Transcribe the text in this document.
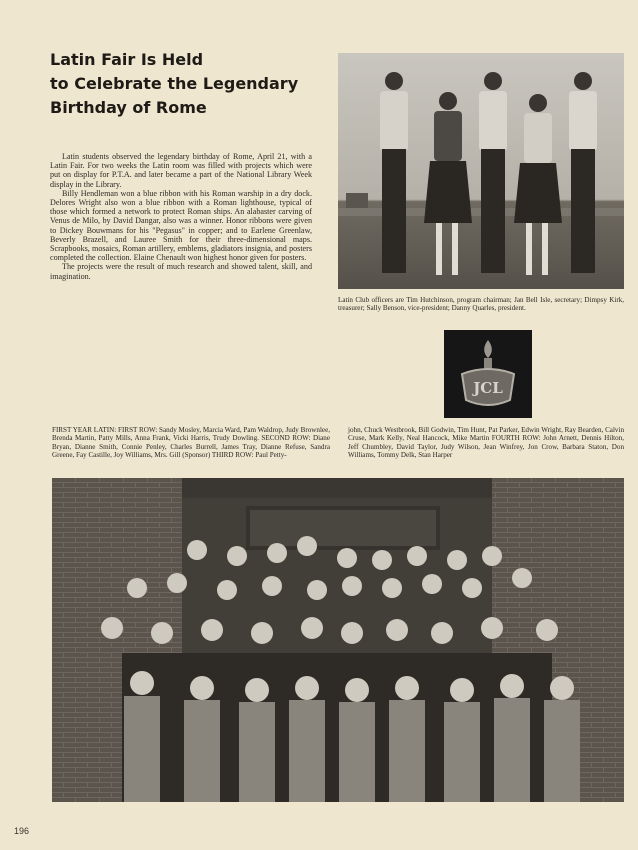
Latin Fair Is Held
to Celebrate the Legendary
Birthday of Rome

Latin students observed the legendary birthday of Rome, April 21, with a Latin Fair. For two weeks the Latin room was filled with projects which were put on display for P.T.A. and later became a part of the National Library Week display in the Library.

Billy Hendleman won a blue ribbon with his Roman warship in a dry dock. Delores Wright also won a blue ribbon with a Roman lighthouse, typical of those which formed a network to protect Roman ships. An alabaster carving of Venus de Milo, by David Dangar, also was a winner. Honor ribbons were given to Dickey Bouwmans for his "Pegasus" in copper; and to Earlene Greenlaw, Beverly Brazell, and Lauree Smith for their three-dimensional maps. Scrapbooks, mosaics, Roman artillery, emblems, gladiators insignia, and posters completed the collection. Elaine Chenault won highest honor given for posters.

The projects were the result of much research and showed talent, skill, and imagination.

Latin Club officers are Tim Hutchinson, program chairman; Jan Bell Isle, secretary; Dimpsy Kirk, treasurer; Sally Benson, vice-president; Danny Quarles, president.
JCL
FIRST YEAR LATIN: FIRST ROW: Sandy Mosley, Marcia Ward, Pam Waldrop, Judy Brownlee, Brenda Martin, Patty Mills, Anna Frank, Vicki Harris, Trudy Dowling. SECOND ROW: Diane Bryan, Dianne Smith, Connie Penley, Charles Burrell, James Tray, Dianne Refuse, Sandra Greene, Fay Castille, Joy Williams, Mrs. Gill (Sponsor) THIRD ROW: Paul Petty-
john, Chuck Westbrook, Bill Godwin, Tim Hunt, Pat Parker, Edwin Wright, Ray Bearden, Calvin Cruse, Mark Kelly, Neal Hancock, Mike Martin FOURTH ROW: John Arnett, Dennis Hilton, Jeff Chumbley, David Taylor, Judy Wilson, Jean Winfrey, Jon Crow, Barbara Staton, Don Williams, Tommy Delk, Stan Harper
196
